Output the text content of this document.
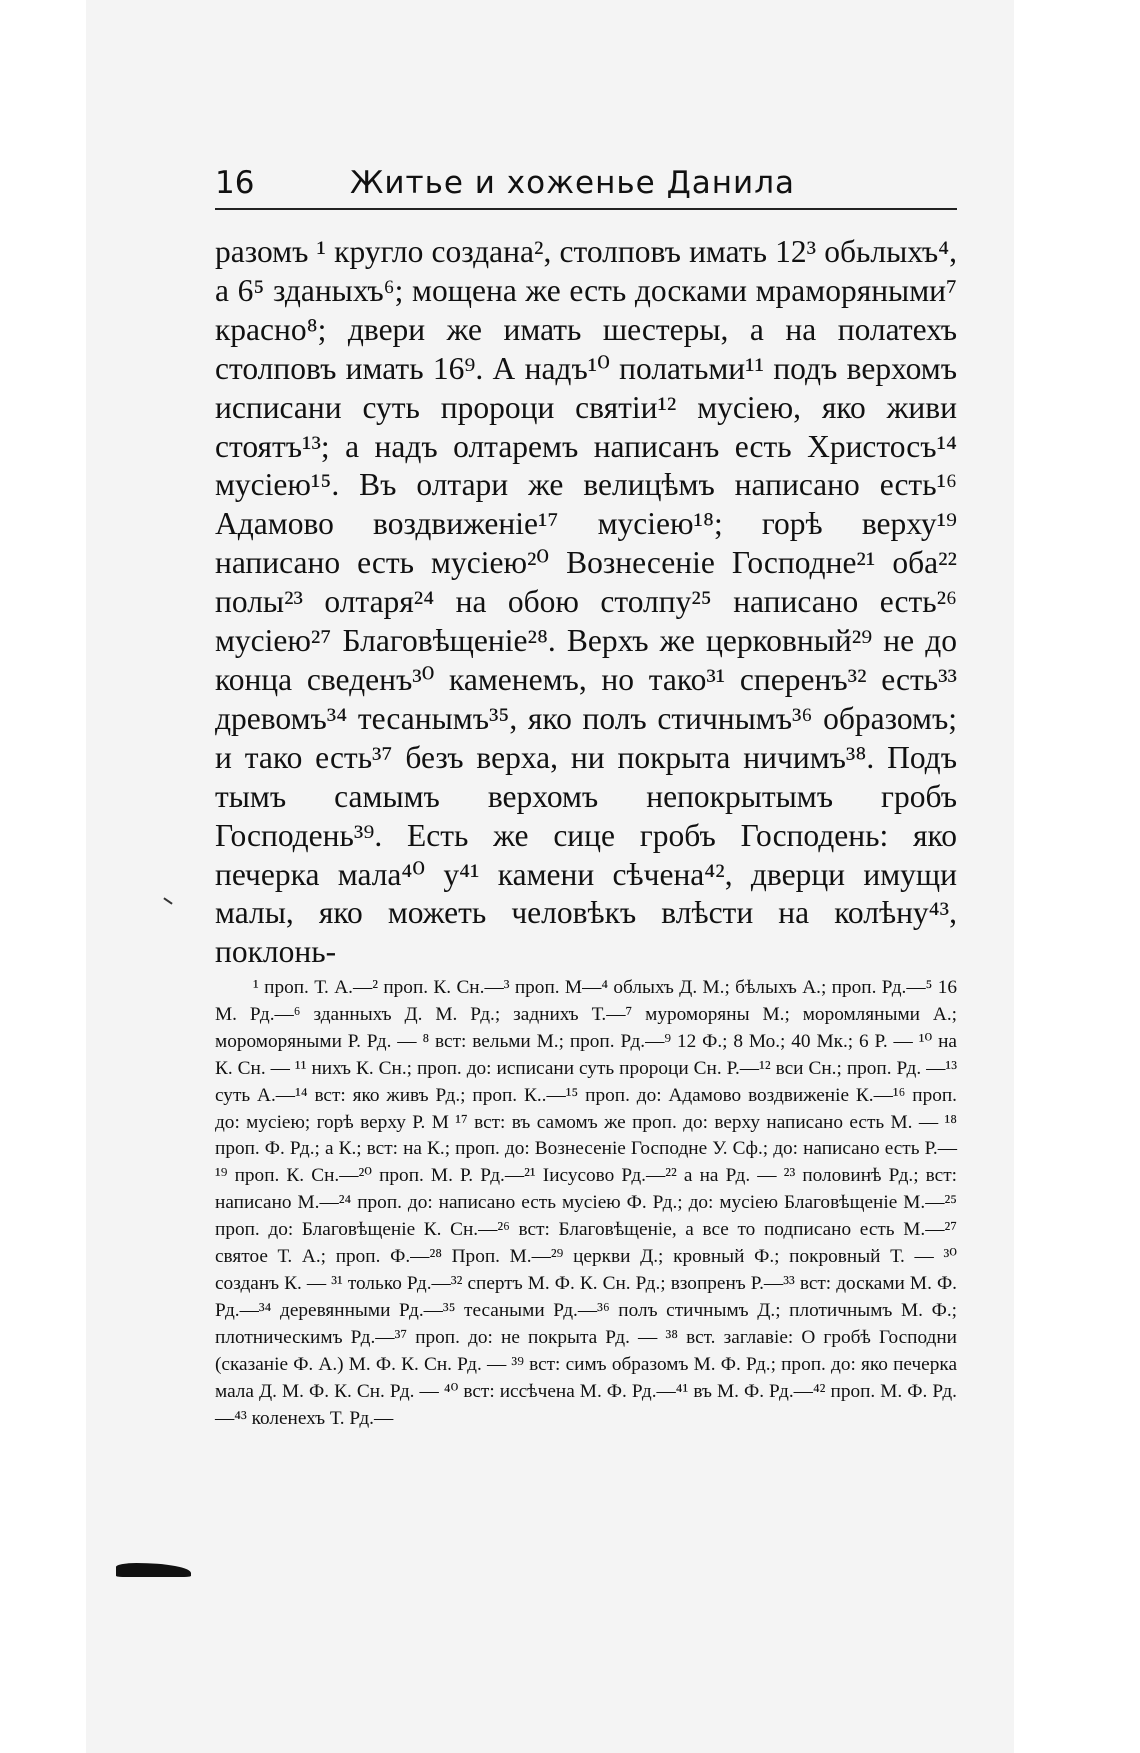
16	Житье и хоженье Данила

разомъ ¹ кругло создана², столповъ имать 12³ обьлыхъ⁴, а 6⁵ зданыхъ⁶; мощена же есть досками мраморяными⁷ красно⁸; двери же имать шестеры, а на полатехъ столповъ имать 16⁹. А надъ¹⁰ полатьми¹¹ подъ верхомъ исписани суть пророци святіи¹² мусіею, яко живи стоятъ¹³; а надъ олтаремъ написанъ есть Христосъ¹⁴ мусіею¹⁵. Въ олтари же велицѣмъ написано есть¹⁶ Адамово воздвиженіе¹⁷ мусіею¹⁸; горѣ верху¹⁹ написано есть мусіею²⁰ Вознесеніе Господне²¹ оба²² полы²³ олтаря²⁴ на обою столпу²⁵ написано есть²⁶ мусіею²⁷ Благовѣщеніе²⁸. Верхъ же церковный²⁹ не до конца сведенъ³⁰ каменемъ, но тако³¹ сперенъ³² есть³³ древомъ³⁴ тесанымъ³⁵, яко полъ стичнымъ³⁶ образомъ; и тако есть³⁷ безъ верха, ни покрыта ничимъ³⁸. Подъ тымъ самымъ верхомъ непокрытымъ гробъ Господень³⁹. Есть же сице гробъ Господень: яко печерка мала⁴⁰ у⁴¹ камени сѣчена⁴², дверци имущи малы, яко можеть человѣкъ влѣсти на колѣну⁴³, поклонь-

¹ проп. Т. А.—² проп. К. Сн.—³ проп. М—⁴ облыхъ Д. М.; бѣлыхъ А.; проп. Рд.—⁵ 16 М. Рд.—⁶ зданныхъ Д. М. Рд.; заднихъ Т.—⁷ муроморяны М.; моромляными А.; мороморяными Р. Рд. — ⁸ вст: вельми М.; проп. Рд.—⁹ 12 Ф.; 8 Мо.; 40 Мк.; 6 Р. — ¹⁰ на К. Сн. — ¹¹ нихъ К. Сн.; проп. до: исписани суть пророци Сн. Р.—¹² вси Сн.; проп. Рд. —¹³ суть А.—¹⁴ вст: яко живъ Рд.; проп. К..—¹⁵ проп. до: Адамово воздвиженіе К.—¹⁶ проп. до: мусіею; горѣ верху Р. М ¹⁷ вст: въ самомъ же проп. до: верху написано есть М. — ¹⁸ проп. Ф. Рд.; а К.; вст: на К.; проп. до: Вознесеніе Господне У. Сф.; до: написано есть Р.—¹⁹ проп. К. Сн.—²⁰ проп. М. Р. Рд.—²¹ Іисусово Рд.—²² а на Рд. — ²³ половинѣ Рд.; вст: написано М.—²⁴ проп. до: написано есть мусіею Ф. Рд.; до: мусіею Благовѣщеніе М.—²⁵ проп. до: Благовѣщеніе К. Сн.—²⁶ вст: Благовѣщеніе, а все то подписано есть М.—²⁷ святое Т. А.; проп. Ф.—²⁸ Проп. М.—²⁹ церкви Д.; кровный Ф.; покровный Т. — ³⁰ созданъ К. — ³¹ только Рд.—³² спертъ М. Ф. К. Сн. Рд.; взопренъ Р.—³³ вст: досками М. Ф. Рд.—³⁴ деревянными Рд.—³⁵ тесаными Рд.—³⁶ полъ стичнымъ Д.; плотичнымъ М. Ф.; плотническимъ Рд.—³⁷ проп. до: не покрыта Рд. — ³⁸ вст. заглавіе: О гробѣ Господни (сказаніе Ф. А.) М. Ф. К. Сн. Рд. — ³⁹ вст: симъ образомъ М. Ф. Рд.; проп. до: яко печерка мала Д. М. Ф. К. Сн. Рд. — ⁴⁰ вст: иссѣчена М. Ф. Рд.—⁴¹ въ М. Ф. Рд.—⁴² проп. М. Ф. Рд.—⁴³ коленехъ Т. Рд.—
